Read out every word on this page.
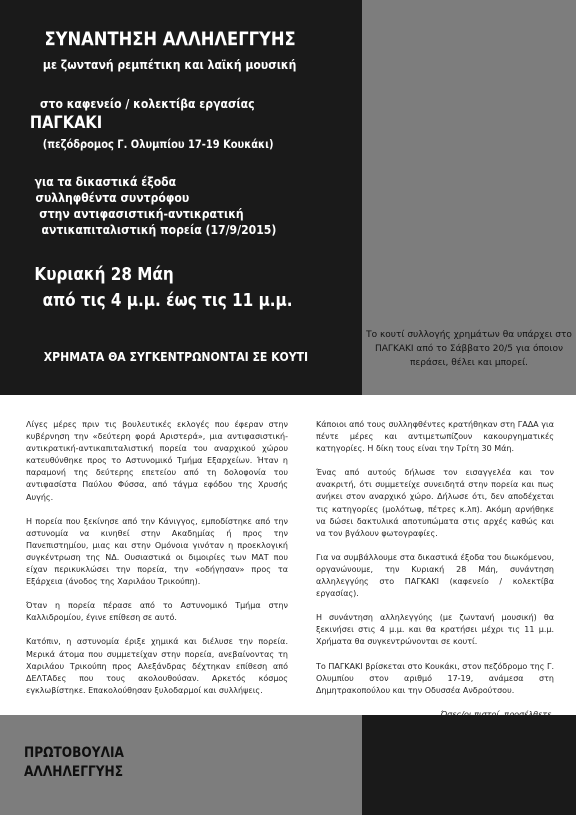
ΣΥΝΑΝΤΗΣΗ ΑΛΛΗΛΕΓΓΥΗΣ
με ζωντανή ρεμπέτικη και λαϊκή μουσική
στο καφενείο / κολεκτίβα εργασίας
ΠΑΓΚΑΚΙ
(πεζόδρομος Γ. Ολυμπίου 17-19 Κουκάκι)
για τα δικαστικά έξοδα
συλληφθέντα συντρόφου
στην αντιφασιστική-αντικρατική
αντικαπιταλιστική πορεία (17/9/2015)
Κυριακή 28 Μάη
από τις 4 μ.μ. έως τις 11 μ.μ.
ΧΡΗΜΑΤΑ ΘΑ ΣΥΓΚΕΝΤΡΩΝΟΝΤΑΙ ΣΕ ΚΟΥΤΙ
Το κουτί συλλογής χρημάτων θα υπάρχει στο ΠΑΓΚΑΚΙ από το Σάββατο 20/5 για όποιον περάσει, θέλει και μπορεί.

Λίγες μέρες πριν τις βουλευτικές εκλογές που έφεραν στην κυβέρνηση την «δεύτερη φορά Αριστερά», μια αντιφασιστική-αντικρατική-αντικαπιταλιστική πορεία του αναρχικού χώρου κατευθύνθηκε προς το Αστυνομικό Τμήμα Εξαρχείων. Ήταν η παραμονή της δεύτερης επετείου από τη δολοφονία του αντιφασίστα Παύλου Φύσσα, από τάγμα εφόδου της Χρυσής Αυγής.

Η πορεία που ξεκίνησε από την Κάνιγγος, εμποδίστηκε από την αστυνομία να κινηθεί στην Ακαδημίας ή προς την Πανεπιστημίου, μιας και στην Ομόνοια γινόταν η προεκλογική συγκέντρωση της ΝΔ. Ουσιαστικά οι διμοιρίες των ΜΑΤ που είχαν περικυκλώσει την πορεία, την «οδήγησαν» προς τα Εξάρχεια (άνοδος της Χαριλάου Τρικούπη).

Όταν η πορεία πέρασε από το Αστυνομικό Τμήμα στην Καλλιδρομίου, έγινε επίθεση σε αυτό.

Κατόπιν, η αστυνομία έριξε χημικά και διέλυσε την πορεία. Μερικά άτομα που συμμετείχαν στην πορεία, ανεβαίνοντας τη Χαριλάου Τρικούπη προς Αλεξάνδρας δέχτηκαν επίθεση από ΔΕΛΤΑδες που τους ακολουθούσαν. Αρκετός κόσμος εγκλωβίστηκε. Επακολούθησαν ξυλοδαρμοί και συλλήψεις.

Κάποιοι από τους συλληφθέντες κρατήθηκαν στη ΓΑΔΑ για πέντε μέρες και αντιμετωπίζουν κακουργηματικές κατηγορίες. Η δίκη τους είναι την Τρίτη 30 Μάη.

Ένας από αυτούς δήλωσε τον εισαγγελέα και τον ανακριτή, ότι συμμετείχε συνειδητά στην πορεία και πως ανήκει στον αναρχικό χώρο. Δήλωσε ότι, δεν αποδέχεται τις κατηγορίες (μολότωφ, πέτρες κ.λπ). Ακόμη αρνήθηκε να δώσει δακτυλικά αποτυπώματα στις αρχές καθώς και να τον βγάλουν φωτογραφίες.

Για να συμβάλλουμε στα δικαστικά έξοδα του διωκόμενου, οργανώνουμε, την Κυριακή 28 Μάη, συνάντηση αλληλεγγύης στο ΠΑΓΚΑΚΙ (καφενείο / κολεκτίβα εργασίας).

Η συνάντηση αλληλεγγύης (με ζωντανή μουσική) θα ξεκινήσει στις 4 μ.μ. και θα κρατήσει μέχρι τις 11 μ.μ. Χρήματα θα συγκεντρώνονται σε κουτί.

Το ΠΑΓΚΑΚΙ βρίσκεται στο Κουκάκι, στον πεζόδρομο της Γ. Ολυμπίου στον αριθμό 17-19, ανάμεσα στη Δημητρακοπούλου και την Οδυσσέα Ανδρούτσου.

ΠΡΩΤΟΒΟΥΛΙΑ
ΑΛΛΗΛΕΓΓΥΗΣ
